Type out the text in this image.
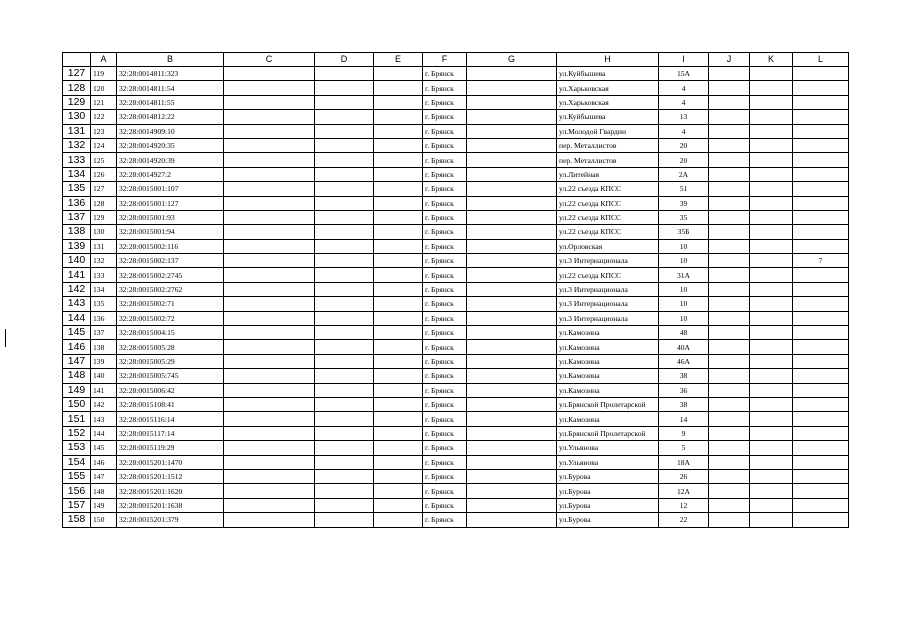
	A	B	C	D	E	F	G	H	I	J	K	L
127	119	32:28:0014811:323				г. Брянск		ул.Куйбышева	15А			
128	120	32:28:0014811:54				г. Брянск		ул.Харьковская	4			
129	121	32:28:0014811:55				г. Брянск		ул.Харьковская	4			
130	122	32:28:0014812:22				г. Брянск		ул.Куйбышева	13			
131	123	32:28:0014909:10				г. Брянск		ул.Молодой Гвардии	4			
132	124	32:28:0014920:35				г. Брянск		пер. Металлистов	20			
133	125	32:28:0014920:39				г. Брянск		пер. Металлистов	20			
134	126	32:28:0014927:2				г. Брянск		ул.Литейная	2А			
135	127	32:28:0015001:107				г. Брянск		ул.22 съезда КПСС	51			
136	128	32:28:0015001:127				г. Брянск		ул.22 съезда КПСС	39			
137	129	32:28:0015001:93				г. Брянск		ул.22 съезда КПСС	35			
138	130	32:28:0015001:94				г. Брянск		ул.22 съезда КПСС	35Б			
139	131	32:28:0015002:116				г. Брянск		ул.Орловская	10			
140	132	32:28:0015002:137				г. Брянск		ул.3 Интернационала	10			7
141	133	32:28:0015002:2745				г. Брянск		ул.22 съезда КПСС	31А			
142	134	32:28:0015002:2762				г. Брянск		ул.3 Интернационала	10			
143	135	32:28:0015002:71				г. Брянск		ул.3 Интернационала	10			
144	136	32:28:0015002:72				г. Брянск		ул.3 Интернационала	10			
145	137	32:28:0015004:15				г. Брянск		ул.Камозина	48			
146	138	32:28:0015005:28				г. Брянск		ул.Камозина	40А			
147	139	32:28:0015005:29				г. Брянск		ул.Камозина	46А			
148	140	32:28:0015005:745				г. Брянск		ул.Камозина	38			
149	141	32:28:0015006:42				г. Брянск		ул.Камозина	36			
150	142	32:28:0015108:41				г. Брянск		ул.Брянской Пролетарской	38			
151	143	32:28:0015116:14				г. Брянск		ул.Камозина	14			
152	144	32:28:0015117:14				г. Брянск		ул.Брянской Пролетарской	9			
153	145	32:28:0015119:29				г. Брянск		ул.Ульянова	5			
154	146	32:28:0015201:1470				г. Брянск		ул.Ульянова	18А			
155	147	32:28:0015201:1512				г. Брянск		ул.Бурова	26			
156	148	32:28:0015201:1620				г. Брянск		ул.Бурова	12А			
157	149	32:28:0015201:1638				г. Брянск		ул.Бурова	12			
158	150	32:28:0015201:379				г. Брянск		ул.Бурова	22			
